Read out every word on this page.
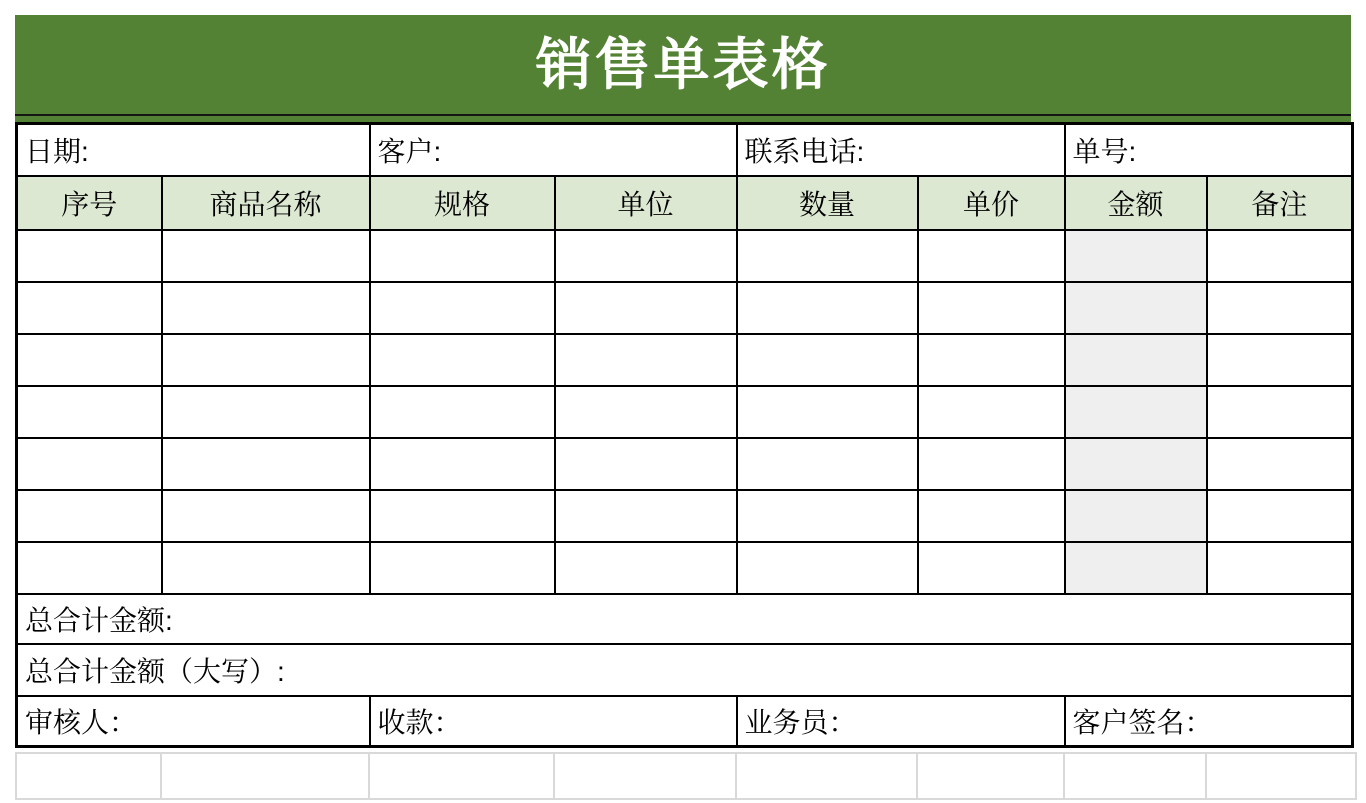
销售单表格
日期:		客户:		联系电话:		单号:	
序号	商品名称	规格	单位	数量	单价	金额	备注

总合计金额:							
总合计金额（大写）:							
审核人：		收款：		业务员：		客户签名：	
